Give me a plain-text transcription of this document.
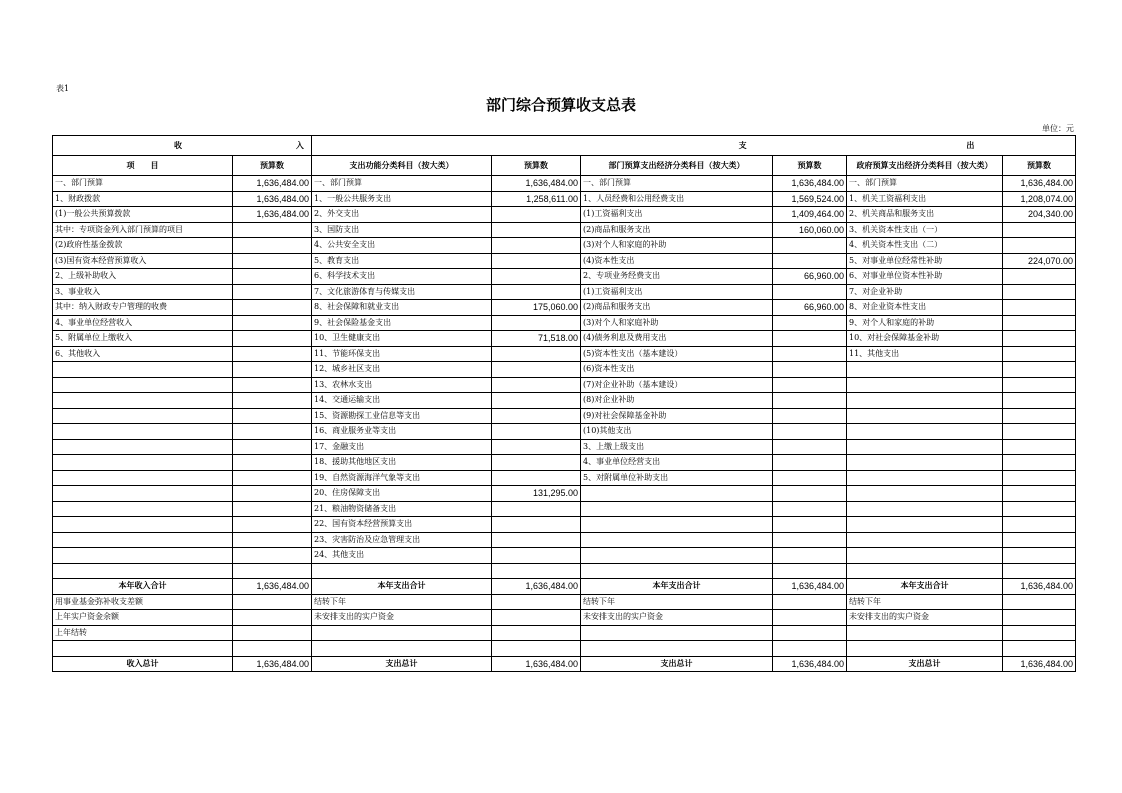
表1
部门综合预算收支总表
单位：元
收 入		支 出					
项　　目	预算数	支出功能分类科目（按大类）	预算数	部门预算支出经济分类科目（按大类）	预算数	政府预算支出经济分类科目（按大类）	预算数
一、部门预算	1,636,484.00	一、部门预算	1,636,484.00	一、部门预算	1,636,484.00	一、部门预算	1,636,484.00
1、财政拨款	1,636,484.00	1、一般公共服务支出	1,258,611.00	1、人员经费和公用经费支出	1,569,524.00	1、机关工资福利支出	1,208,074.00
(1)一般公共预算拨款	1,636,484.00	2、外交支出		(1)工资福利支出	1,409,464.00	2、机关商品和服务支出	204,340.00
其中：专项资金列入部门预算的项目		3、国防支出		(2)商品和服务支出	160,060.00	3、机关资本性支出（一）	
(2)政府性基金拨款		4、公共安全支出		(3)对个人和家庭的补助		4、机关资本性支出（二）	
(3)国有资本经营预算收入		5、教育支出		(4)资本性支出		5、对事业单位经常性补助	224,070.00
2、上级补助收入		6、科学技术支出		2、专项业务经费支出	66,960.00	6、对事业单位资本性补助	
3、事业收入		7、文化旅游体育与传媒支出		(1)工资福利支出		7、对企业补助	
其中：纳入财政专户管理的收费		8、社会保障和就业支出	175,060.00	(2)商品和服务支出	66,960.00	8、对企业资本性支出	
4、事业单位经营收入		9、社会保险基金支出		(3)对个人和家庭补助		9、对个人和家庭的补助	
5、附属单位上缴收入		10、卫生健康支出	71,518.00	(4)债务利息及费用支出		10、对社会保障基金补助	
6、其他收入		11、节能环保支出		(5)资本性支出（基本建设）		11、其他支出	
		12、城乡社区支出		(6)资本性支出			
		13、农林水支出		(7)对企业补助（基本建设）			
		14、交通运输支出		(8)对企业补助			
		15、资源勘探工业信息等支出		(9)对社会保障基金补助			
		16、商业服务业等支出		(10)其他支出			
		17、金融支出		3、上缴上级支出			
		18、援助其他地区支出		4、事业单位经营支出			
		19、自然资源海洋气象等支出		5、对附属单位补助支出			
		20、住房保障支出	131,295.00				
		21、粮油物资储备支出					
		22、国有资本经营预算支出					
		23、灾害防治及应急管理支出					
		24、其他支出					

本年收入合计	1,636,484.00	本年支出合计	1,636,484.00	本年支出合计	1,636,484.00	本年支出合计	1,636,484.00
用事业基金弥补收支差额		结转下年		结转下年		结转下年	
上年实户资金余额		未安排支出的实户资金		未安排支出的实户资金		未安排支出的实户资金	
上年结转							

收入总计	1,636,484.00	支出总计	1,636,484.00	支出总计	1,636,484.00	支出总计	1,636,484.00
